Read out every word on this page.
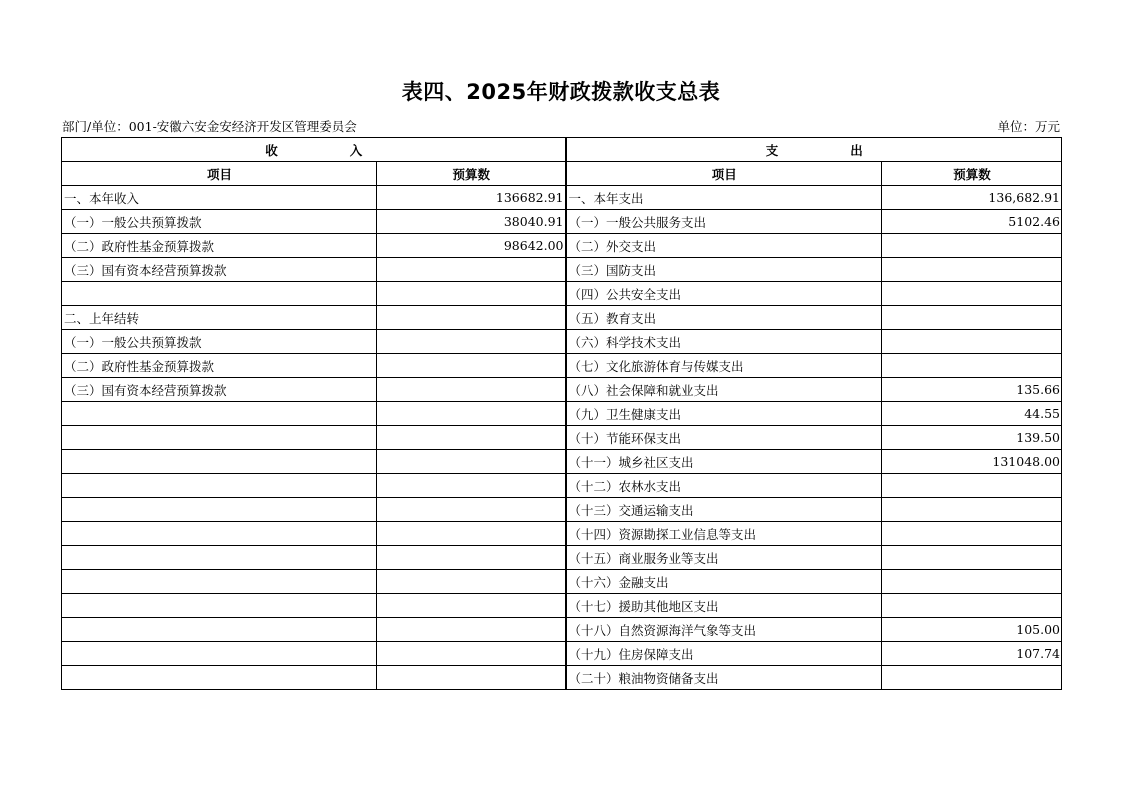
表四、2025年财政拨款收支总表
部门/单位：001-安徽六安金安经济开发区管理委员会	单位：万元
收 入		支 出	
项目	预算数	项目	预算数
一、本年收入	136682.91	一、本年支出	136,682.91
（一）一般公共预算拨款	38040.91	（一）一般公共服务支出	5102.46
（二）政府性基金预算拨款	98642.00	（二）外交支出	
（三）国有资本经营预算拨款		（三）国防支出	
		（四）公共安全支出	
二、上年结转		（五）教育支出	
（一）一般公共预算拨款		（六）科学技术支出	
（二）政府性基金预算拨款		（七）文化旅游体育与传媒支出	
（三）国有资本经营预算拨款		（八）社会保障和就业支出	135.66
		（九）卫生健康支出	44.55
		（十）节能环保支出	139.50
		（十一）城乡社区支出	131048.00
		（十二）农林水支出	
		（十三）交通运输支出	
		（十四）资源勘探工业信息等支出	
		（十五）商业服务业等支出	
		（十六）金融支出	
		（十七）援助其他地区支出	
		（十八）自然资源海洋气象等支出	105.00
		（十九）住房保障支出	107.74
		（二十）粮油物资储备支出	
